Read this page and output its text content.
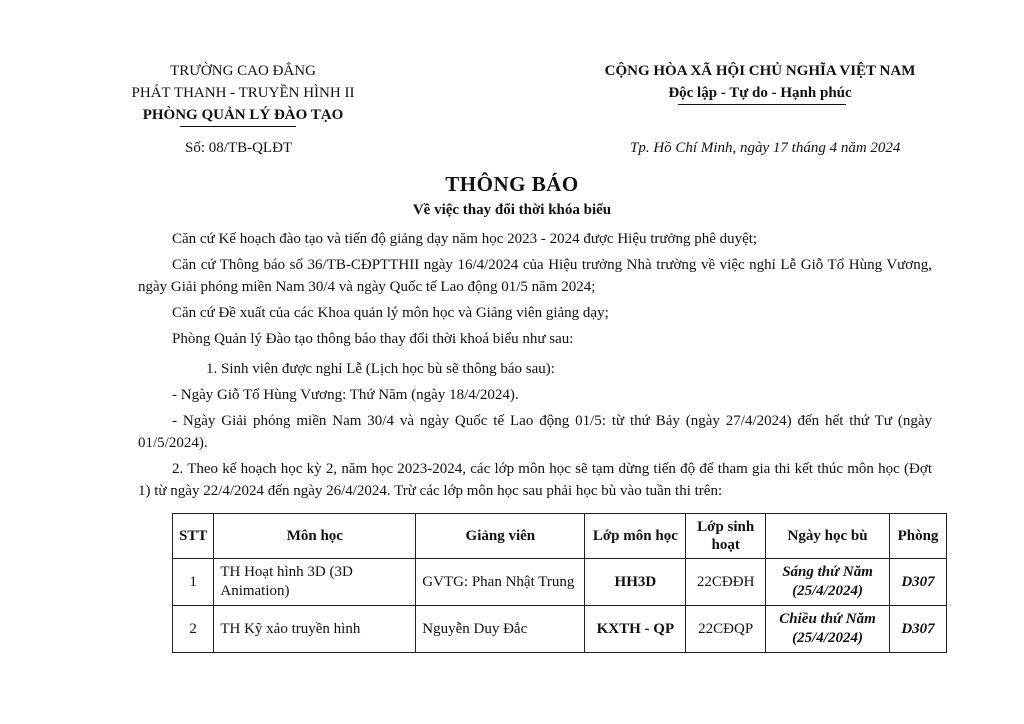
TRƯỜNG CAO ĐẲNG
PHÁT THANH - TRUYỀN HÌNH II
PHÒNG QUẢN LÝ ĐÀO TẠO
CỘNG HÒA XÃ HỘI CHỦ NGHĨA VIỆT NAM
Độc lập - Tự do - Hạnh phúc
Số: 08/TB-QLĐT	Tp. Hồ Chí Minh, ngày 17 tháng 4 năm 2024
THÔNG BÁO
Về việc thay đổi thời khóa biểu

Căn cứ Kế hoạch đào tạo và tiến độ giảng dạy năm học 2023 - 2024 được Hiệu trưởng phê duyệt;

Căn cứ Thông báo số 36/TB-CĐPTTHII ngày 16/4/2024 của Hiệu trưởng Nhà trường về việc nghỉ Lễ Giỗ Tổ Hùng Vương, ngày Giải phóng miền Nam 30/4 và ngày Quốc tế Lao động 01/5 năm 2024;

Căn cứ Đề xuất của các Khoa quản lý môn học và Giảng viên giảng dạy;

Phòng Quản lý Đào tạo thông báo thay đổi thời khoá biểu như sau:

1. Sinh viên được nghỉ Lễ (Lịch học bù sẽ thông báo sau):

- Ngày Giỗ Tổ Hùng Vương: Thứ Năm (ngày 18/4/2024).

- Ngày Giải phóng miền Nam 30/4 và ngày Quốc tế Lao động 01/5: từ thứ Bảy (ngày 27/4/2024) đến hết thứ Tư (ngày 01/5/2024).

2. Theo kế hoạch học kỳ 2, năm học 2023-2024, các lớp môn học sẽ tạm dừng tiến độ để tham gia thi kết thúc môn học (Đợt 1) từ ngày 22/4/2024 đến ngày 26/4/2024. Trừ các lớp môn học sau phải học bù vào tuần thi trên:

STT	Môn học	Giảng viên	Lớp môn học	Lớp sinh hoạt	Ngày học bù	Phòng
1	TH Hoạt hình 3D (3D Animation)	GVTG: Phan Nhật Trung	HH3D	22CĐĐH	Sáng thứ Năm (25/4/2024)	D307
2	TH Kỹ xảo truyền hình	Nguyễn Duy Đắc	KXTH - QP	22CĐQP	Chiều thứ Năm (25/4/2024)	D307
